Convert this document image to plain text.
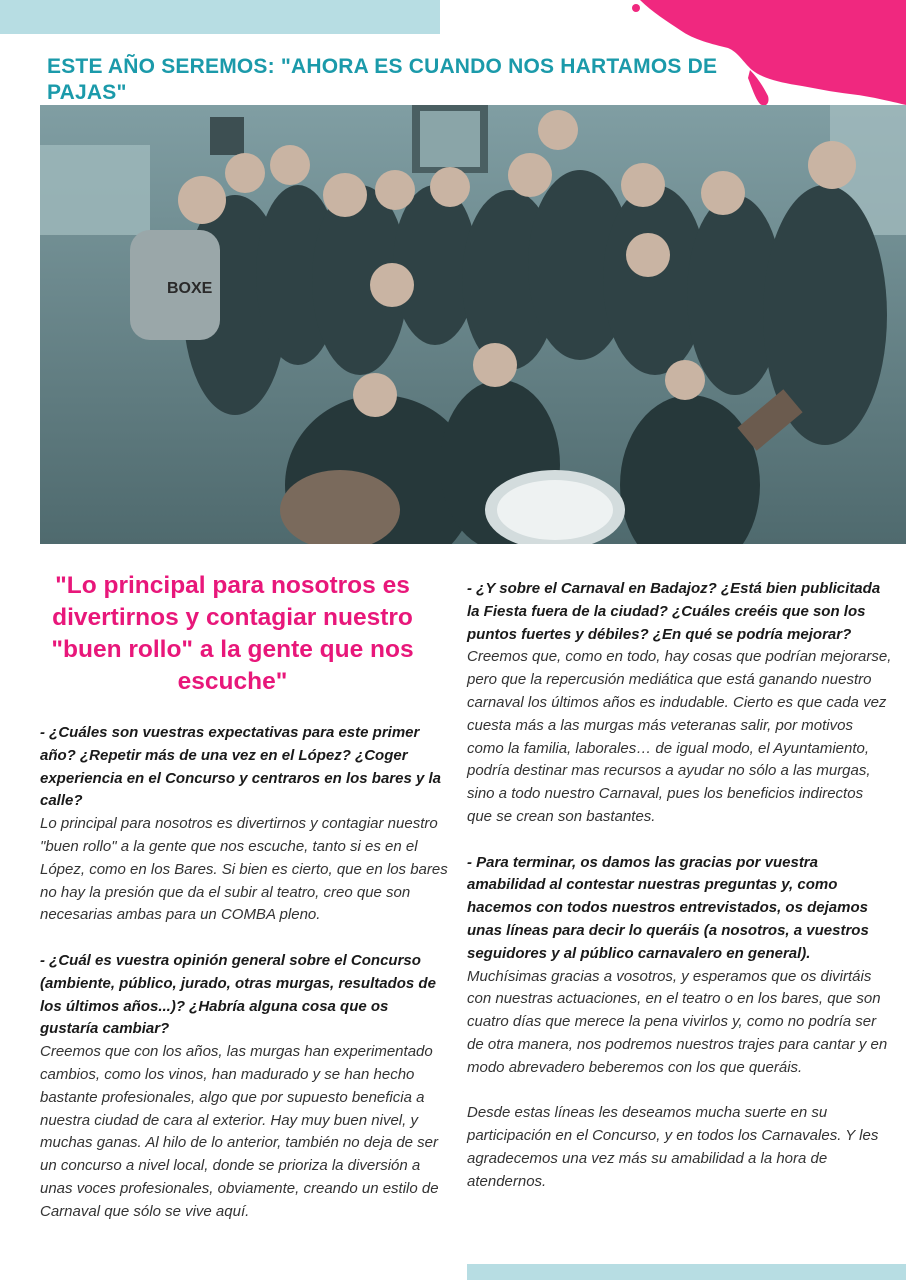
ESTE AÑO SEREMOS: "AHORA ES CUANDO NOS HARTAMOS DE PAJAS"
BOXE
"Lo principal para nosotros es divertirnos y contagiar nuestro "buen rollo" a la gente que nos escuche"

- ¿Cuáles son vuestras expectativas para este primer año? ¿Repetir más de una vez en el López? ¿Coger experiencia en el Concurso y centraros en los bares y la calle?
Lo principal para nosotros es divertirnos y contagiar nuestro "buen rollo" a la gente que nos escuche, tanto si es en el López, como en los Bares. Si bien es cierto, que en los bares no hay la presión que da el subir al teatro, creo que son necesarias ambas para un COMBA pleno.

- ¿Cuál es vuestra opinión general sobre el Concurso (ambiente, público, jurado, otras murgas, resultados de los últimos años...)? ¿Habría alguna cosa que os gustaría cambiar?
Creemos que con los años, las murgas han experimentado cambios, como los vinos, han madurado y se han hecho bastante profesionales, algo que por supuesto beneficia a nuestra ciudad de cara al exterior. Hay muy buen nivel, y muchas ganas. Al hilo de lo anterior, también no deja de ser un concurso a nivel local, donde se prioriza la diversión a unas voces profesionales, obviamente, creando un estilo de Carnaval que sólo se vive aquí.

- ¿Y sobre el Carnaval en Badajoz? ¿Está bien publicitada la Fiesta fuera de la ciudad? ¿Cuáles creéis que son los puntos fuertes y débiles? ¿En qué se podría mejorar?
Creemos que, como en todo, hay cosas que podrían mejorarse, pero que la repercusión mediática que está ganando nuestro carnaval los últimos años es indudable. Cierto es que cada vez cuesta más a las murgas más veteranas salir, por motivos como la familia, laborales… de igual modo, el Ayuntamiento, podría destinar mas recursos a ayudar no sólo a las murgas, sino a todo nuestro Carnaval, pues los beneficios indirectos que se crean son bastantes.

- Para terminar, os damos las gracias por vuestra amabilidad al contestar nuestras preguntas y, como hacemos con todos nuestros entrevistados, os dejamos unas líneas para decir lo queráis (a nosotros, a vuestros seguidores y al público carnavalero en general).
Muchísimas gracias a vosotros, y esperamos que os divirtáis con nuestras actuaciones, en el teatro o en los bares, que son cuatro días que merece la pena vivirlos y, como no podría ser de otra manera, nos podremos nuestros trajes para cantar y en modo abrevadero beberemos con los que queráis.

Desde estas líneas les deseamos mucha suerte en su participación en el Concurso, y en todos los Carnavales. Y les agradecemos una vez más su amabilidad a la hora de atendernos.
